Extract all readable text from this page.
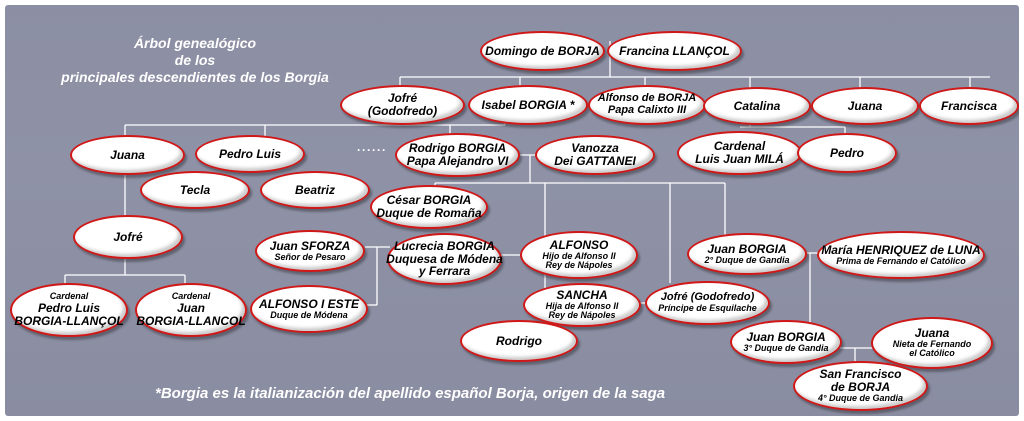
Árbol genealógico
de los
principales descendientes de los Borgia
······
Domingo de BORJA Francina LLANÇOL
Jofré
(Godofredo)	Isabel BORGIA * Alfonso de BORJA
Papa Calixto III	Catalina	Juana	Francisca
Juana	Pedro Luis	Rodrigo BORGIA
Papa Alejandro VI
Vanozza
Dei GATTANEI
Cardenal
Luis Juan MILÁ	Pedro
Tecla	Beatriz
César BORGIA
Duque de Romaña
Jofré
Juan SFORZA
Señor de Pesaro
Lucrecia BORGIA
Duquesa de Módena
y Ferrara
ALFONSO
Hijo de Alfonso II
Rey de Nápoles
Juan BORGIA
2° Duque de Gandia
María HENRIQUEZ de LUNA
Prima de Fernando el Católico
Cardenal
Pedro Luis
BORGIA-LLANÇOL
Cardenal
Juan
BORGIA-LLANCOL
ALFONSO I ESTE
Duque de Módena
SANCHA
Hija de Alfonso II
Rey de Nápoles
Jofré (Godofredo)
Príncipe de Esquilache
Rodrigo	Juan BORGIA
3° Duque de Gandia
Juana
Nieta de Fernando
el Católico
San Francisco
de BORJA
4° Duque de Gandia
*Borgia es la italianización del apellido español Borja, origen de la saga
